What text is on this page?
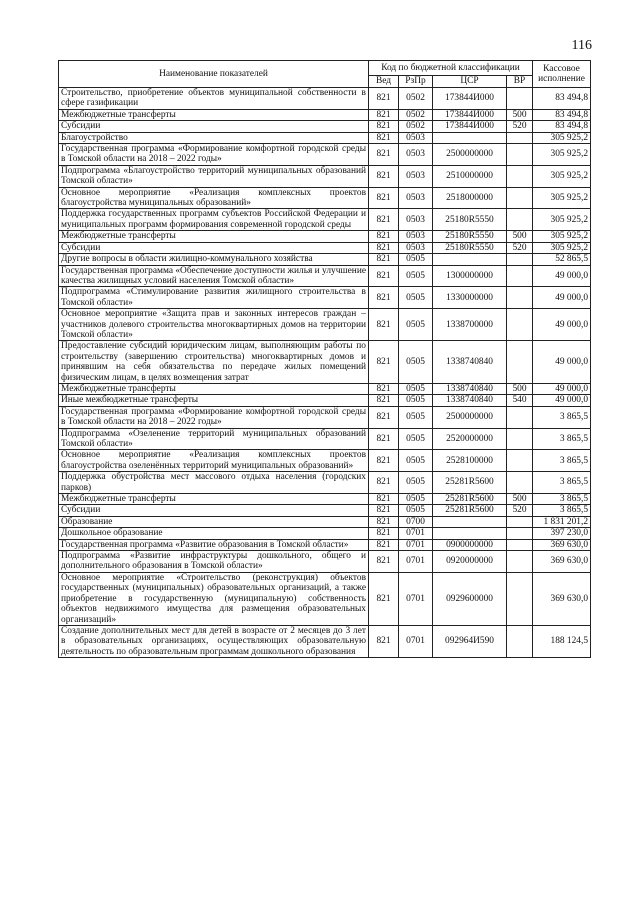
116
Наименование показателей	Код по бюджетной классификации				Кассовое исполнение
	Вед	РзПр	ЦСР	ВР	
Строительство, приобретение объектов муниципальной собственности в сфере газификации	821	0502	173844И000		83 494,8
Межбюджетные трансферты	821	0502	173844И000	500	83 494,8
Субсидии	821	0502	173844И000	520	83 494,8
Благоустройство	821	0503			305 925,2
Государственная программа «Формирование комфортной городской среды в Томской области на 2018 – 2022 годы»	821	0503	2500000000		305 925,2
Подпрограмма «Благоустройство территорий муниципальных образований Томской области»	821	0503	2510000000		305 925,2
Основное мероприятие «Реализация комплексных проектов благоустройства муниципальных образований»	821	0503	2518000000		305 925,2
Поддержка государственных программ субъектов Российской Федерации и муниципальных программ формирования современной городской среды	821	0503	25180R5550		305 925,2
Межбюджетные трансферты	821	0503	25180R5550	500	305 925,2
Субсидии	821	0503	25180R5550	520	305 925,2
Другие вопросы в области жилищно-коммунального хозяйства	821	0505			52 865,5
Государственная программа «Обеспечение доступности жилья и улучшение качества жилищных условий населения Томской области»	821	0505	1300000000		49 000,0
Подпрограмма «Стимулирование развития жилищного строительства в Томской области»	821	0505	1330000000		49 000,0
Основное мероприятие «Защита прав и законных интересов граждан – участников долевого строительства многоквартирных домов на территории Томской области»	821	0505	1338700000		49 000,0
Предоставление субсидий юридическим лицам, выполняющим работы по строительству (завершению строительства) многоквартирных домов и принявшим на себя обязательства по передаче жилых помещений физическим лицам, в целях возмещения затрат	821	0505	1338740840		49 000,0
Межбюджетные трансферты	821	0505	1338740840	500	49 000,0
Иные межбюджетные трансферты	821	0505	1338740840	540	49 000,0
Государственная программа «Формирование комфортной городской среды в Томской области на 2018 – 2022 годы»	821	0505	2500000000		3 865,5
Подпрограмма «Озеленение территорий муниципальных образований Томской области»	821	0505	2520000000		3 865,5
Основное мероприятие «Реализация комплексных проектов благоустройства озеленённых территорий муниципальных образований»	821	0505	2528100000		3 865,5
Поддержка обустройства мест массового отдыха населения (городских парков)	821	0505	25281R5600		3 865,5
Межбюджетные трансферты	821	0505	25281R5600	500	3 865,5
Субсидии	821	0505	25281R5600	520	3 865,5
Образование	821	0700			1 831 201,2
Дошкольное образование	821	0701			397 230,0
Государственная программа «Развитие образования в Томской области»	821	0701	0900000000		369 630,0
Подпрограмма «Развитие инфраструктуры дошкольного, общего и дополнительного образования в Томской области»	821	0701	0920000000		369 630,0
Основное мероприятие «Строительство (реконструкция) объектов государственных (муниципальных) образовательных организаций, а также приобретение в государственную (муниципальную) собственность объектов недвижимого имущества для размещения образовательных организаций»	821	0701	0929600000		369 630,0
Создание дополнительных мест для детей в возрасте от 2 месяцев до 3 лет в образовательных организациях, осуществляющих образовательную деятельность по образовательным программам дошкольного образования	821	0701	092964И590		188 124,5
